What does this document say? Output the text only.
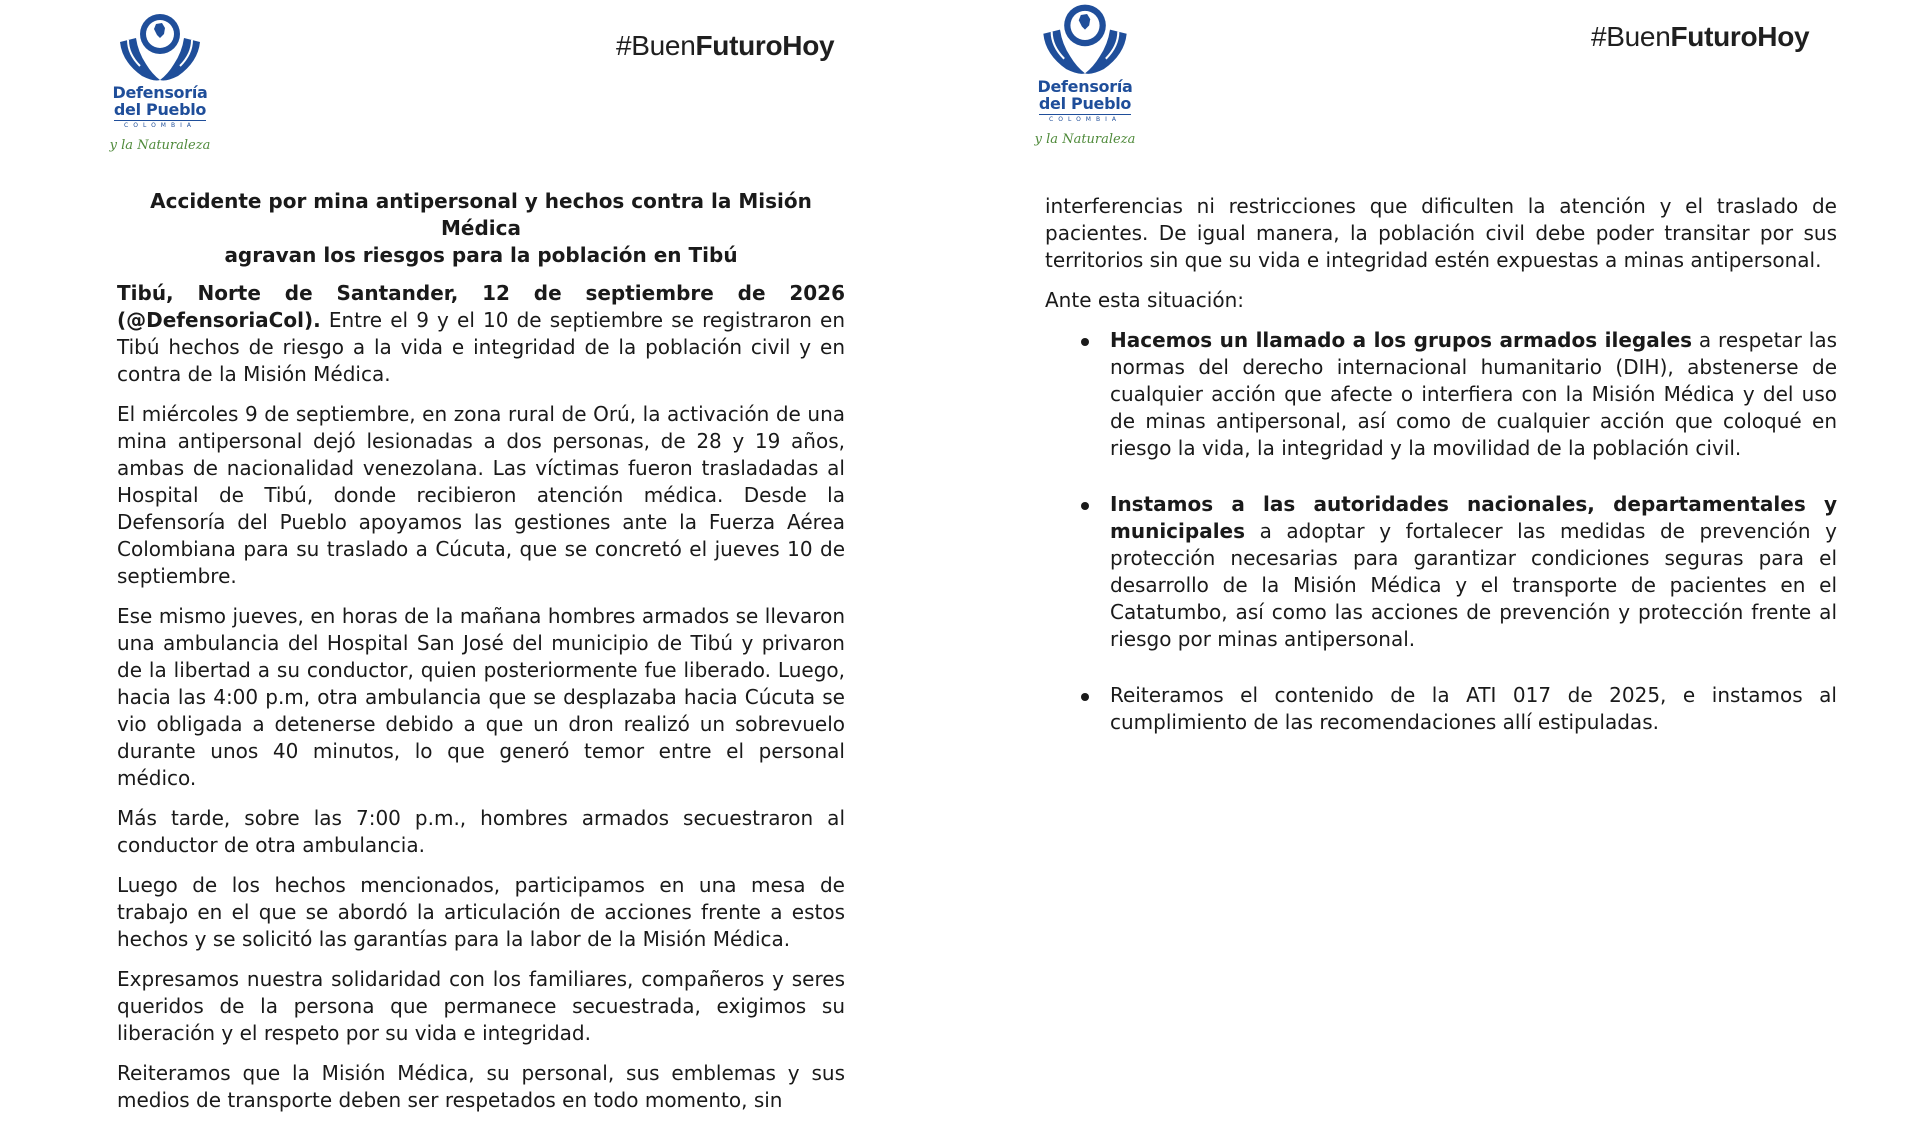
Defensoría
del Pueblo
COLOMBIA
y la Naturaleza
#BuenFuturoHoy
Accidente por mina antipersonal y hechos contra la Misión Médica
agravan los riesgos para la población en Tibú

Tibú, Norte de Santander, 12 de septiembre de 2026 (@DefensoriaCol). Entre el 9 y el 10 de septiembre se registraron en Tibú hechos de riesgo a la vida e integridad de la población civil y en contra de la Misión Médica.

El miércoles 9 de septiembre, en zona rural de Orú, la activación de una mina antipersonal dejó lesionadas a dos personas, de 28 y 19 años, ambas de nacionalidad venezolana. Las víctimas fueron trasladadas al Hospital de Tibú, donde recibieron atención médica. Desde la Defensoría del Pueblo apoyamos las gestiones ante la Fuerza Aérea Colombiana para su traslado a Cúcuta, que se concretó el jueves 10 de septiembre.

Ese mismo jueves, en horas de la mañana hombres armados se llevaron una ambulancia del Hospital San José del municipio de Tibú y privaron de la libertad a su conductor, quien posteriormente fue liberado. Luego, hacia las 4:00 p.m, otra ambulancia que se desplazaba hacia Cúcuta se vio obligada a detenerse debido a que un dron realizó un sobrevuelo durante unos 40 minutos, lo que generó temor entre el personal médico.

Más tarde, sobre las 7:00 p.m., hombres armados secuestraron al conductor de otra ambulancia.

Luego de los hechos mencionados, participamos en una mesa de trabajo en el que se abordó la articulación de acciones frente a estos hechos y se solicitó las garantías para la labor de la Misión Médica.

Expresamos nuestra solidaridad con los familiares, compañeros y seres queridos de la persona que permanece secuestrada, exigimos su liberación y el respeto por su vida e integridad.

Reiteramos que la Misión Médica, su personal, sus emblemas y sus medios de transporte deben ser respetados en todo momento, sin

Defensoría
del Pueblo
COLOMBIA
y la Naturaleza
#BuenFuturoHoy

interferencias ni restricciones que dificulten la atención y el traslado de pacientes. De igual manera, la población civil debe poder transitar por sus territorios sin que su vida e integridad estén expuestas a minas antipersonal.

Ante esta situación:

Hacemos un llamado a los grupos armados ilegales a respetar las normas del derecho internacional humanitario (DIH), abstenerse de cualquier acción que afecte o interfiera con la Misión Médica y del uso de minas antipersonal, así como de cualquier acción que coloqué en riesgo la vida, la integridad y la movilidad de la población civil.
Instamos a las autoridades nacionales, departamentales y municipales a adoptar y fortalecer las medidas de prevención y protección necesarias para garantizar condiciones seguras para el desarrollo de la Misión Médica y el transporte de pacientes en el Catatumbo, así como las acciones de prevención y protección frente al riesgo por minas antipersonal.
Reiteramos el contenido de la ATI 017 de 2025, e instamos al cumplimiento de las recomendaciones allí estipuladas.
